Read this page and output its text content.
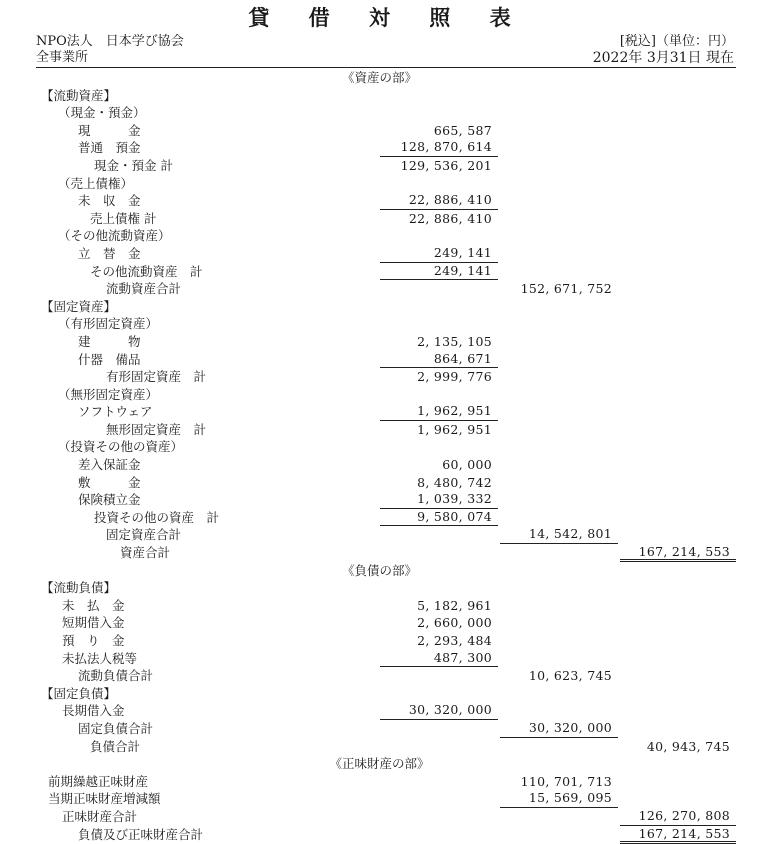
貸 借 対 照 表
NPO法人　日本学び協会
全事業所
[税込]（単位：円）
2022年 3月31日 現在
《資産の部》
【流動資産】
（現金・預金）
現　　　金	665, 587
普通　預金	128, 870, 614
現金・預金 計	129, 536, 201
（売上債権）
未　収　金	22, 886, 410
売上債権 計	22, 886, 410
（その他流動資産）
立　替　金	249, 141
その他流動資産　計	249, 141
流動資産合計	152, 671, 752
【固定資産】
（有形固定資産）
建　　　物	2, 135, 105
什器　備品	864, 671
有形固定資産　計	2, 999, 776
（無形固定資産）
ソフトウェア	1, 962, 951
無形固定資産　計	1, 962, 951
（投資その他の資産）
差入保証金	60, 000
敷　　　金	8, 480, 742
保険積立金	1, 039, 332
投資その他の資産　計	9, 580, 074
固定資産合計	14, 542, 801
資産合計	167, 214, 553
《負債の部》
【流動負債】
未　払　金	5, 182, 961
短期借入金	2, 660, 000
預　り　金	2, 293, 484
未払法人税等	487, 300
流動負債合計	10, 623, 745
【固定負債】
長期借入金	30, 320, 000
固定負債合計	30, 320, 000
負債合計	40, 943, 745
《正味財産の部》
前期繰越正味財産	110, 701, 713
当期正味財産増減額	15, 569, 095
正味財産合計	126, 270, 808
負債及び正味財産合計	167, 214, 553
